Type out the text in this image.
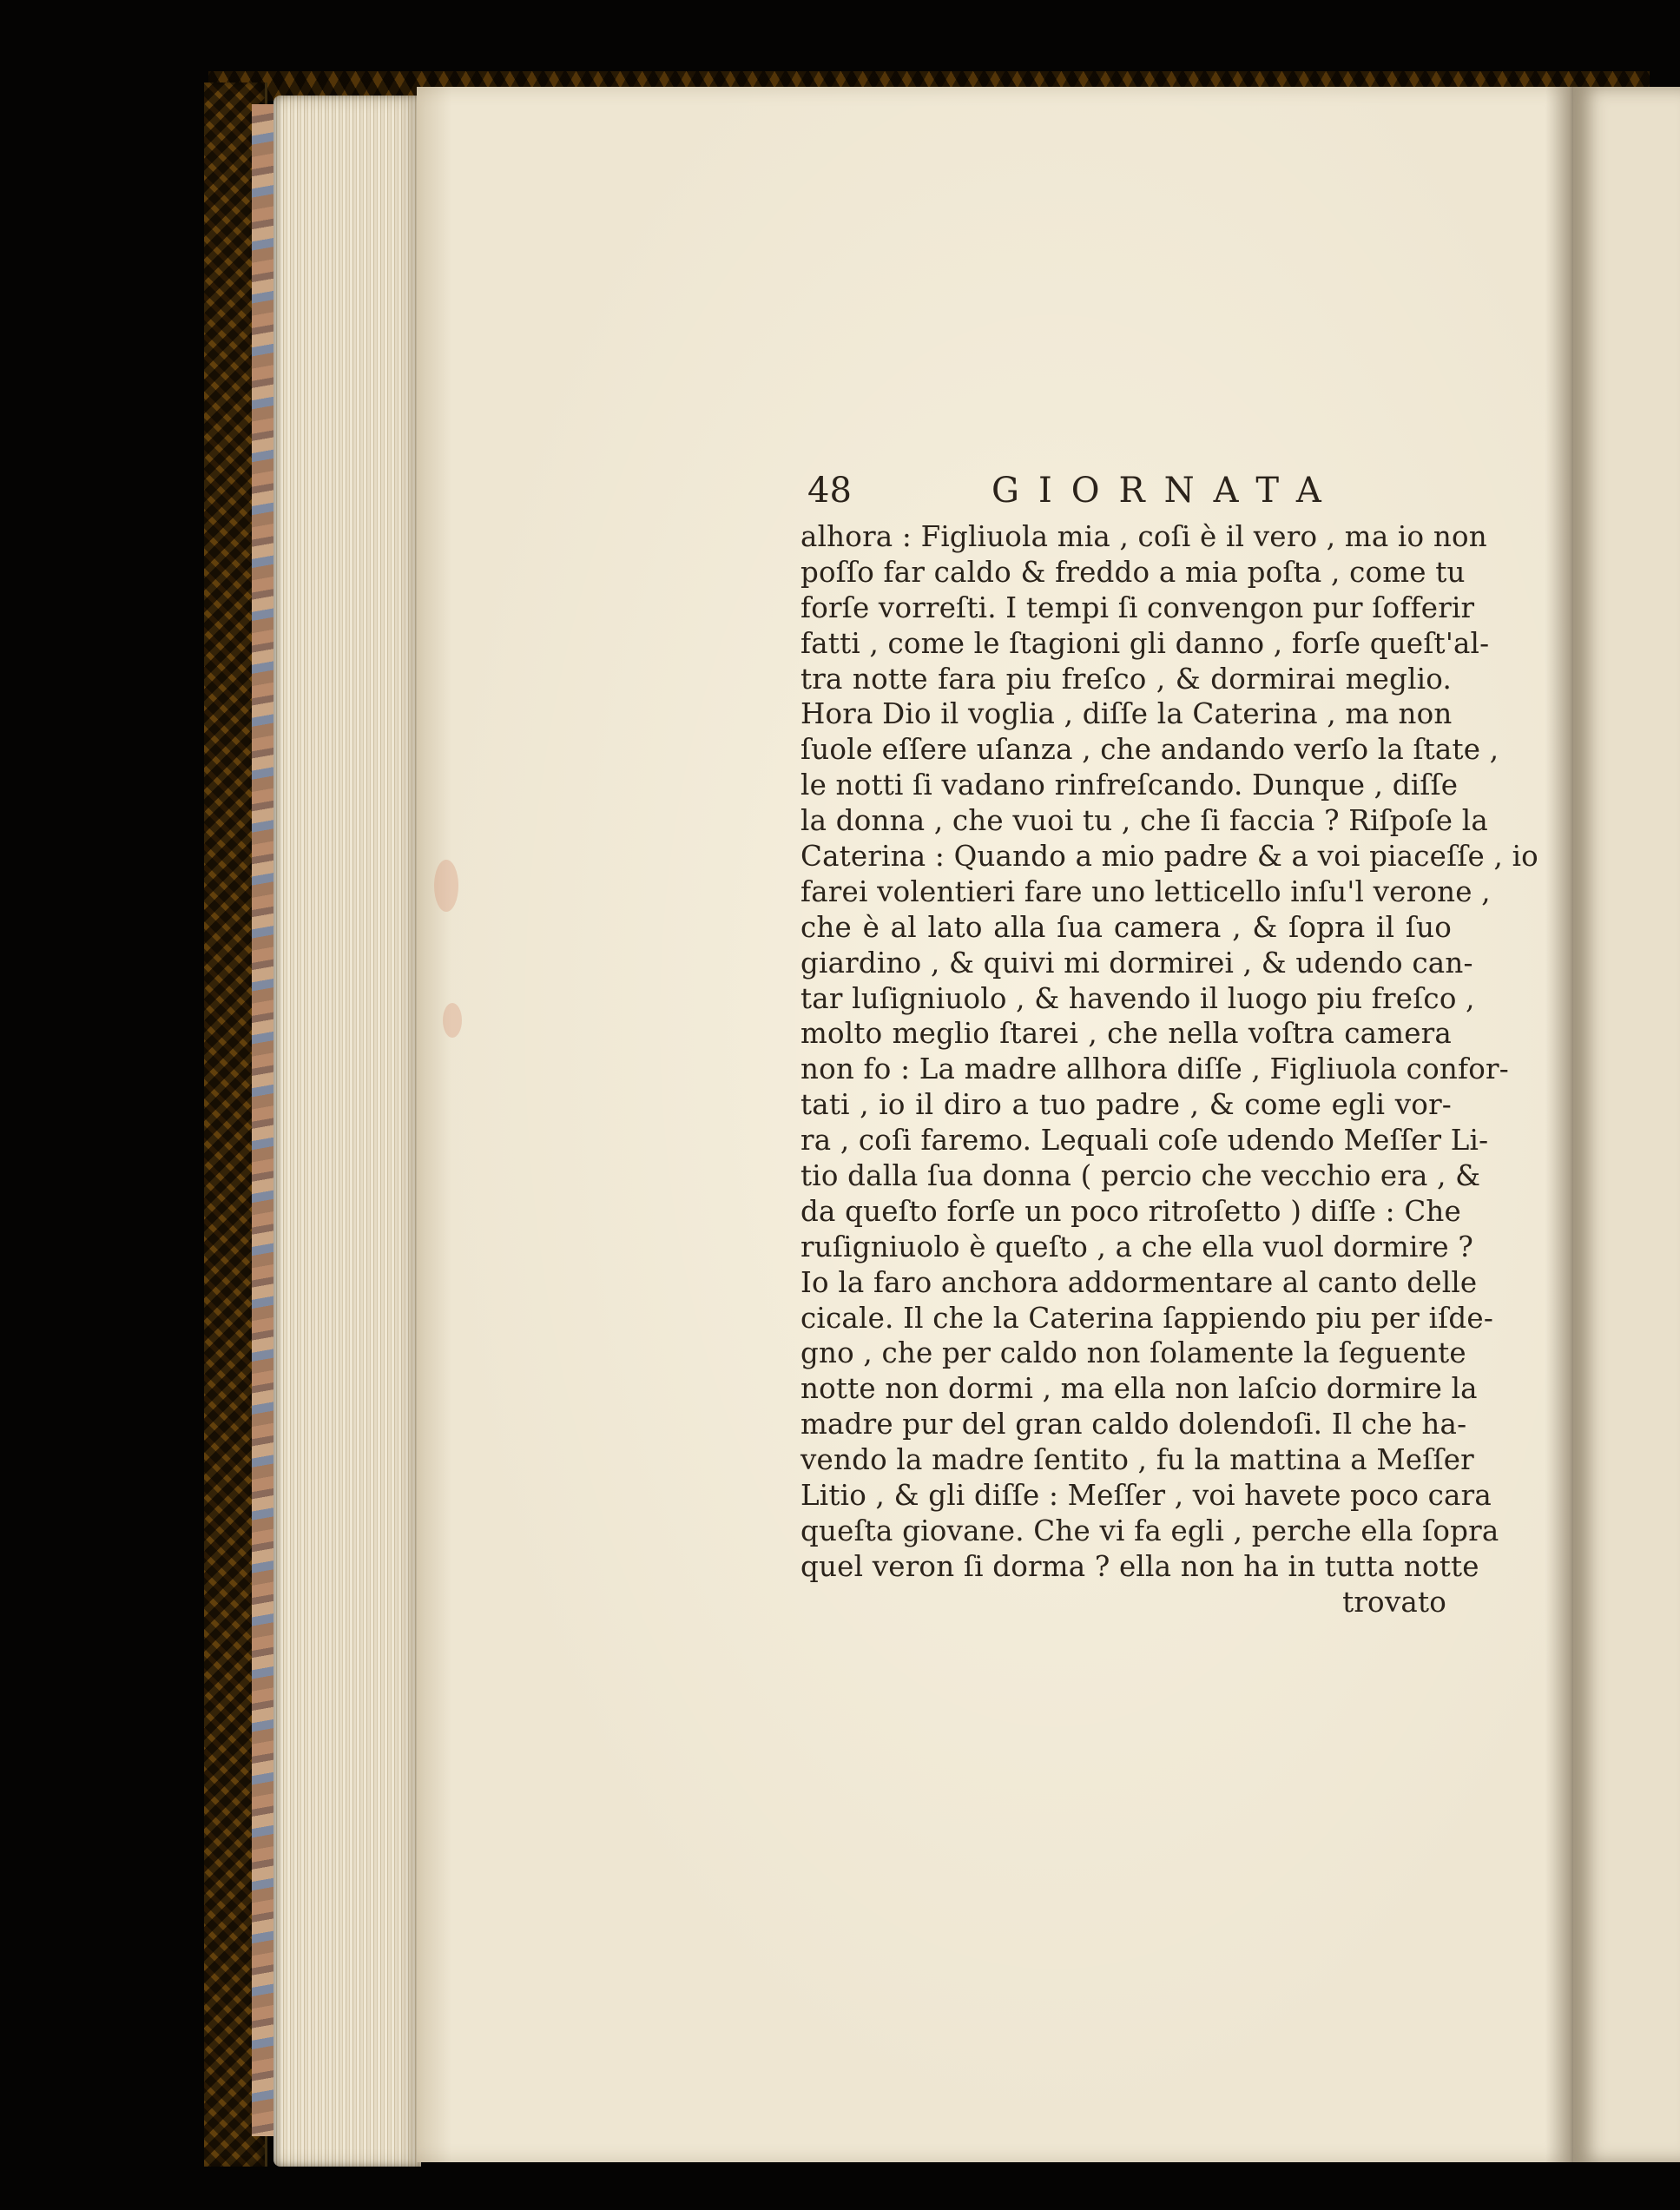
48	GIORNATA
alhora : Figliuola mia , coſi è il vero , ma io non
poſſo far caldo & freddo a mia poſta , come tu
forſe vorreſti. I tempi ſi convengon pur ſofferir
fatti , come le ſtagioni gli danno , forſe queſt'al-
tra notte fara piu freſco , & dormirai meglio.
Hora Dio il voglia , diſſe la Caterina , ma non
ſuole eſſere uſanza , che andando verſo la ſtate ,
le notti ſi vadano rinfreſcando. Dunque , diſſe
la donna , che vuoi tu , che ſi faccia ? Riſpoſe la
Caterina : Quando a mio padre & a voi piaceſſe , io
farei volentieri fare uno letticello inſu'l verone ,
che è al lato alla ſua camera , & ſopra il ſuo
giardino , & quivi mi dormirei , & udendo can-
tar luſigniuolo , & havendo il luogo piu freſco ,
molto meglio ſtarei , che nella voſtra camera
non fo : La madre allhora diſſe , Figliuola confor-
tati , io il diro a tuo padre , & come egli vor-
ra , coſi faremo. Lequali coſe udendo Meſſer Li-
tio dalla ſua donna ( percio che vecchio era , &
da queſto forſe un poco ritroſetto ) diſſe : Che
ruſigniuolo è queſto , a che ella vuol dormire ?
Io la faro anchora addormentare al canto delle
cicale. Il che la Caterina ſappiendo piu per iſde-
gno , che per caldo non ſolamente la ſeguente
notte non dormi , ma ella non laſcio dormire la
madre pur del gran caldo dolendoſi. Il che ha-
vendo la madre ſentito , fu la mattina a Meſſer
Litio , & gli diſſe : Meſſer , voi havete poco cara
queſta giovane. Che vi fa egli , perche ella ſopra
quel veron ſi dorma ? ella non ha in tutta notte
trovato
